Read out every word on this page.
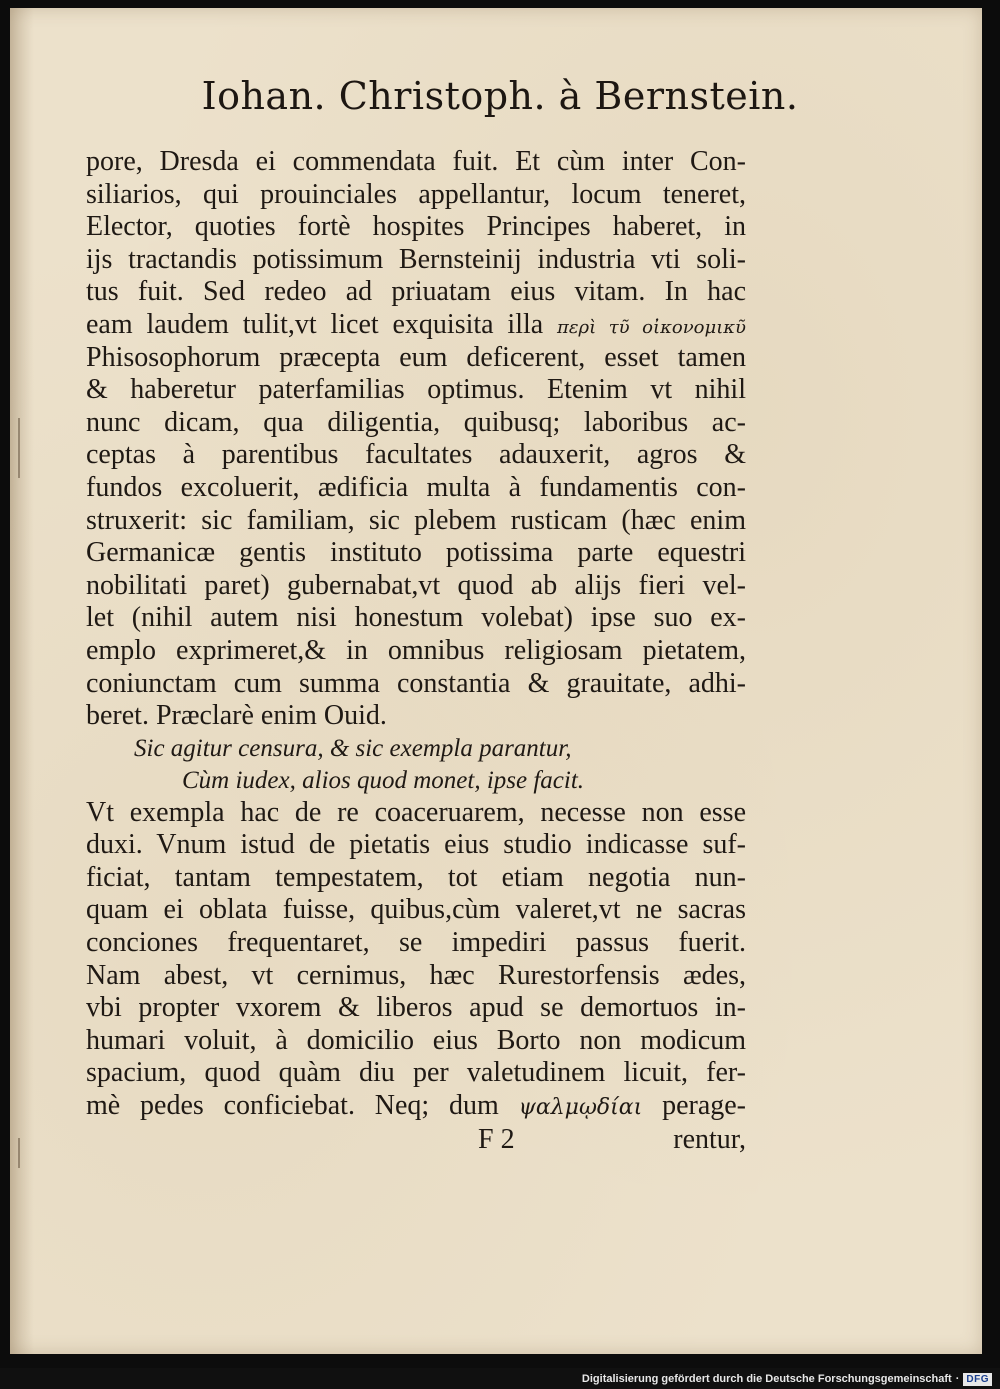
Iohan. Christoph. à Bernstein.
pore, Dresda ei commendata fuit. Et cùm inter Con-
siliarios, qui prouinciales appellantur, locum teneret,
Elector, quoties fortè hospites Principes haberet, in
ijs tractandis potissimum Bernsteinij industria vti soli-
tus fuit. Sed redeo ad priuatam eius vitam. In hac
eam laudem tulit,vt licet exquisita illa περὶ τῦ οἰκονομικῦ
Phisosophorum præcepta eum deficerent, esset tamen
& haberetur paterfamilias optimus. Etenim vt nihil
nunc dicam, qua diligentia, quibusq; laboribus ac-
ceptas à parentibus facultates adauxerit, agros &
fundos excoluerit, ædificia multa à fundamentis con-
struxerit: sic familiam, sic plebem rusticam (hæc enim
Germanicæ gentis instituto potissima parte equestri
nobilitati paret) gubernabat,vt quod ab alijs fieri vel-
let (nihil autem nisi honestum volebat) ipse suo ex-
emplo exprimeret,& in omnibus religiosam pietatem,
coniunctam cum summa constantia & grauitate, adhi-
beret. Præclarè enim Ouid.
Sic agitur censura, & sic exempla parantur,
Cùm iudex, alios quod monet, ipse facit.
Vt exempla hac de re coaceruarem, necesse non esse
duxi. Vnum istud de pietatis eius studio indicasse suf-
ficiat, tantam tempestatem, tot etiam negotia nun-
quam ei oblata fuisse, quibus,cùm valeret,vt ne sacras
conciones frequentaret, se impediri passus fuerit.
Nam abest, vt cernimus, hæc Rurestorfensis ædes,
vbi propter vxorem & liberos apud se demortuos in-
humari voluit, à domicilio eius Borto non modicum
spacium, quod quàm diu per valetudinem licuit, fer-
mè pedes conficiebat. Neq; dum ψαλμῳδίαι perage-
F 2	rentur,
Digitalisierung gefördert durch die Deutsche Forschungsgemeinschaft · DFG
